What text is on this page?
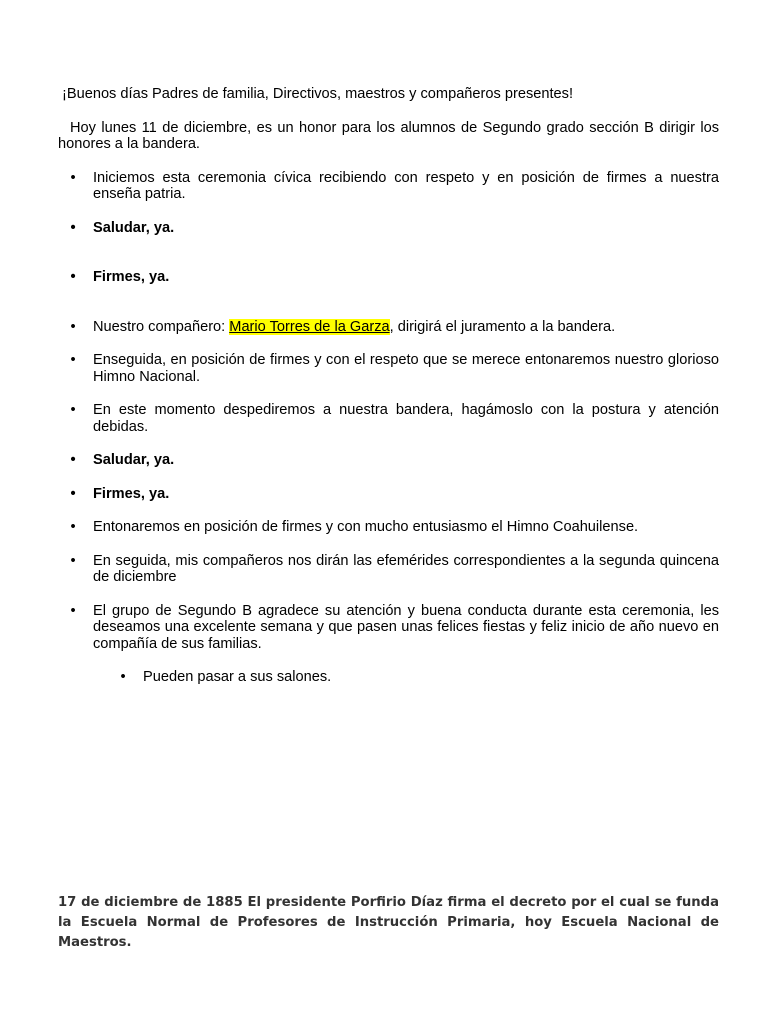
¡Buenos días Padres de familia, Directivos, maestros y compañeros presentes!

Hoy lunes 11 de diciembre, es un honor para los alumnos de Segundo grado sección B dirigir los honores a la bandera.

• Iniciemos esta ceremonia cívica recibiendo con respeto y en posición de firmes a nuestra enseña patria.
• Saludar, ya.
• Firmes, ya.
• Nuestro compañero: Mario Torres de la Garza, dirigirá el juramento a la bandera.
• Enseguida, en posición de firmes y con el respeto que se merece entonaremos nuestro glorioso Himno Nacional.
• En este momento despediremos a nuestra bandera, hagámoslo con la postura y atención debidas.
• Saludar, ya.
• Firmes, ya.
• Entonaremos en posición de firmes y con mucho entusiasmo el Himno Coahuilense.
• En seguida, mis compañeros nos dirán las efemérides correspondientes a la segunda quincena de diciembre
• El grupo de Segundo B agradece su atención y buena conducta durante esta ceremonia, les deseamos una excelente semana y que pasen unas felices fiestas y feliz inicio de año nuevo en compañía de sus familias.
• Pueden pasar a sus salones.

17 de diciembre de 1885 El presidente Porfirio Díaz firma el decreto por el cual se funda la Escuela Normal de Profesores de Instrucción Primaria, hoy Escuela Nacional de Maestros.
